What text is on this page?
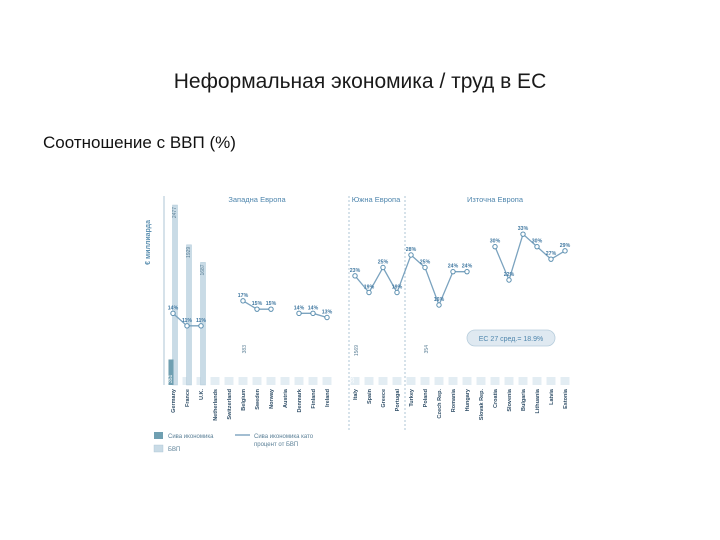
Неформальная экономика / труд в ЕС
Соотношение с ВВП (%)
€ миллиарда
Западна Европа	Южна Европа	Източна Европа
2477
351
1929
1687
383	1569
338
354
14%
11% 11%
17%
15% 15%
14% 14%
13%
23%
19%
25%
19%
28%
25%
16%
24% 24%
30%
22%
33%
30%
27%
29%
ЕС 27 сред.= 18.9%
Germany France U.K. Netherlands Switzerland Belgium Sweden Norway Austria Denmark Finland Ireland	Italy Spain Greece Portugal Turkey Poland Czech Rep. Romania Hungary Slovak Rep. Croatia Slovenia Bulgaria Lithuania Latvia Estonia
Сива икономика
БВП
Сива икономика като
процент от БВП
